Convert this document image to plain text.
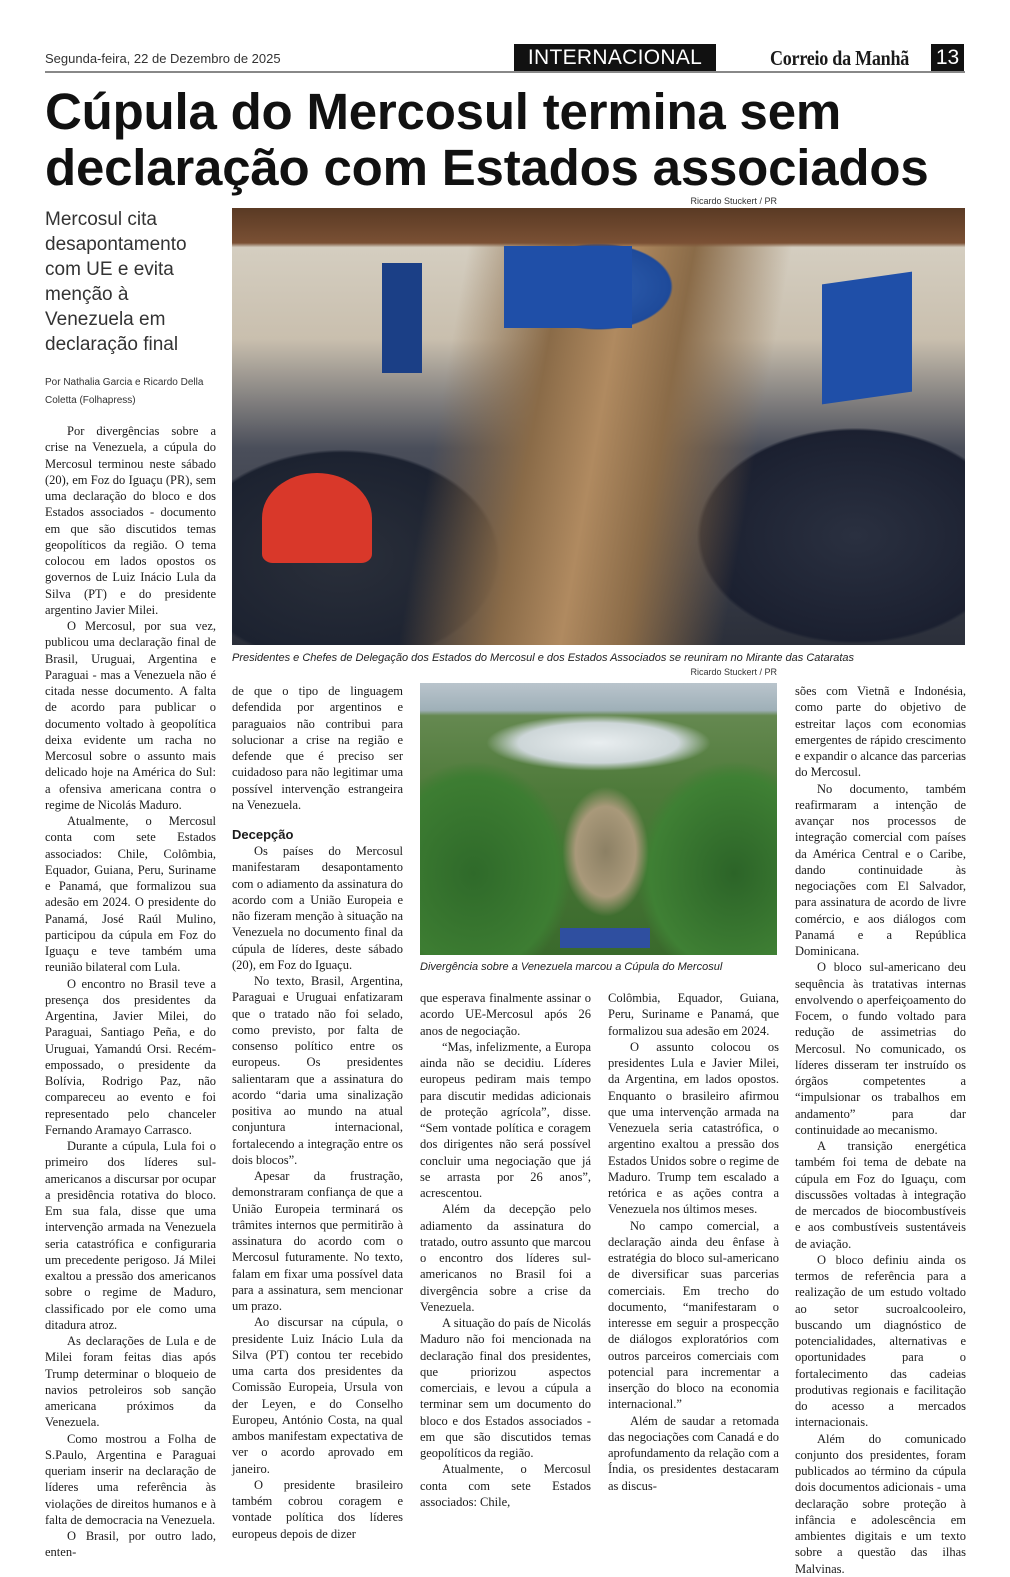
Segunda-feira, 22 de Dezembro de 2025	INTERNACIONAL	Correio da Manhã 13
Cúpula do Mercosul termina sem
declaração com Estados associados
Mercosul cita desapontamento com UE e evita menção à Venezuela em declaração final
Por Nathalia Garcia e Ricardo Della Coletta (Folhapress)
Ricardo Stuckert / PR
Presidentes e Chefes de Delegação dos Estados do Mercosul e dos Estados Associados se reuniram no Mirante das Cataratas
Ricardo Stuckert / PR
Divergência sobre a Venezuela marcou a Cúpula do Mercosul

Por divergências sobre a crise na Venezuela, a cúpula do Mercosul terminou neste sábado (20), em Foz do Iguaçu (PR), sem uma declaração do bloco e dos Estados associados - documento em que são discutidos temas geopolíticos da região. O tema colocou em lados opostos os governos de Luiz Inácio Lula da Silva (PT) e do presidente argentino Javier Milei.

O Mercosul, por sua vez, publicou uma declaração final de Brasil, Uruguai, Argentina e Paraguai - mas a Venezuela não é citada nesse documento. A falta de acordo para publicar o documento voltado à geopolítica deixa evidente um racha no Mercosul sobre o assunto mais delicado hoje na América do Sul: a ofensiva americana contra o regime de Nicolás Maduro.

Atualmente, o Mercosul conta com sete Estados associados: Chile, Colômbia, Equador, Guiana, Peru, Suriname e Panamá, que formalizou sua adesão em 2024. O presidente do Panamá, José Raúl Mulino, participou da cúpula em Foz do Iguaçu e teve também uma reunião bilateral com Lula.

O encontro no Brasil teve a presença dos presidentes da Argentina, Javier Milei, do Paraguai, Santiago Peña, e do Uruguai, Yamandú Orsi. Recém-empossado, o presidente da Bolívia, Rodrigo Paz, não compareceu ao evento e foi representado pelo chanceler Fernando Aramayo Carrasco.

Durante a cúpula, Lula foi o primeiro dos líderes sul-americanos a discursar por ocupar a presidência rotativa do bloco. Em sua fala, disse que uma intervenção armada na Venezuela seria catastrófica e configuraria um precedente perigoso. Já Milei exaltou a pressão dos americanos sobre o regime de Maduro, classificado por ele como uma ditadura atroz.

As declarações de Lula e de Milei foram feitas dias após Trump determinar o bloqueio de navios petroleiros sob sanção americana próximos da Venezuela.

Como mostrou a Folha de S.Paulo, Argentina e Paraguai queriam inserir na declaração de líderes uma referência às violações de direitos humanos e à falta de democracia na Venezuela.

O Brasil, por outro lado, enten-

de que o tipo de linguagem defendida por argentinos e paraguaios não contribui para solucionar a crise na região e defende que é preciso ser cuidadoso para não legitimar uma possível intervenção estrangeira na Venezuela.

Decepção

Os países do Mercosul manifestaram desapontamento com o adiamento da assinatura do acordo com a União Europeia e não fizeram menção à situação na Venezuela no documento final da cúpula de líderes, deste sábado (20), em Foz do Iguaçu.

No texto, Brasil, Argentina, Paraguai e Uruguai enfatizaram que o tratado não foi selado, como previsto, por falta de consenso político entre os europeus. Os presidentes salientaram que a assinatura do acordo “daria uma sinalização positiva ao mundo na atual conjuntura internacional, fortalecendo a integração entre os dois blocos”.

Apesar da frustração, demonstraram confiança de que a União Europeia terminará os trâmites internos que permitirão à assinatura do acordo com o Mercosul futuramente. No texto, falam em fixar uma possível data para a assinatura, sem mencionar um prazo.

Ao discursar na cúpula, o presidente Luiz Inácio Lula da Silva (PT) contou ter recebido uma carta dos presidentes da Comissão Europeia, Ursula von der Leyen, e do Conselho Europeu, António Costa, na qual ambos manifestam expectativa de ver o acordo aprovado em janeiro.

O presidente brasileiro também cobrou coragem e vontade política dos líderes europeus depois de dizer

que esperava finalmente assinar o acordo UE-Mercosul após 26 anos de negociação.

“Mas, infelizmente, a Europa ainda não se decidiu. Líderes europeus pediram mais tempo para discutir medidas adicionais de proteção agrícola”, disse. “Sem vontade política e coragem dos dirigentes não será possível concluir uma negociação que já se arrasta por 26 anos”, acrescentou.

Além da decepção pelo adiamento da assinatura do tratado, outro assunto que marcou o encontro dos líderes sul-americanos no Brasil foi a divergência sobre a crise da Venezuela.

A situação do país de Nicolás Maduro não foi mencionada na declaração final dos presidentes, que priorizou aspectos comerciais, e levou a cúpula a terminar sem um documento do bloco e dos Estados associados - em que são discutidos temas geopolíticos da região.

Atualmente, o Mercosul conta com sete Estados associados: Chile,

Colômbia, Equador, Guiana, Peru, Suriname e Panamá, que formalizou sua adesão em 2024.

O assunto colocou os presidentes Lula e Javier Milei, da Argentina, em lados opostos. Enquanto o brasileiro afirmou que uma intervenção armada na Venezuela seria catastrófica, o argentino exaltou a pressão dos Estados Unidos sobre o regime de Maduro. Trump tem escalado a retórica e as ações contra a Venezuela nos últimos meses.

No campo comercial, a declaração ainda deu ênfase à estratégia do bloco sul-americano de diversificar suas parcerias comerciais. Em trecho do documento, “manifestaram o interesse em seguir a prospecção de diálogos exploratórios com outros parceiros comerciais com potencial para incrementar a inserção do bloco na economia internacional.”

Além de saudar a retomada das negociações com Canadá e do aprofundamento da relação com a Índia, os presidentes destacaram as discus-

sões com Vietnã e Indonésia, como parte do objetivo de estreitar laços com economias emergentes de rápido crescimento e expandir o alcance das parcerias do Mercosul.

No documento, também reafirmaram a intenção de avançar nos processos de integração comercial com países da América Central e o Caribe, dando continuidade às negociações com El Salvador, para assinatura de acordo de livre comércio, e aos diálogos com Panamá e a República Dominicana.

O bloco sul-americano deu sequência às tratativas internas envolvendo o aperfeiçoamento do Focem, o fundo voltado para redução de assimetrias do Mercosul. No comunicado, os líderes disseram ter instruído os órgãos competentes a “impulsionar os trabalhos em andamento” para dar continuidade ao mecanismo.

A transição energética também foi tema de debate na cúpula em Foz do Iguaçu, com discussões voltadas à integração de mercados de biocombustíveis e aos combustíveis sustentáveis de aviação.

O bloco definiu ainda os termos de referência para a realização de um estudo voltado ao setor sucroalcooleiro, buscando um diagnóstico de potencialidades, alternativas e oportunidades para o fortalecimento das cadeias produtivas regionais e facilitação do acesso a mercados internacionais.

Além do comunicado conjunto dos presidentes, foram publicados ao término da cúpula dois documentos adicionais - uma declaração sobre proteção à infância e adolescência em ambientes digitais e um texto sobre a questão das ilhas Malvinas.
